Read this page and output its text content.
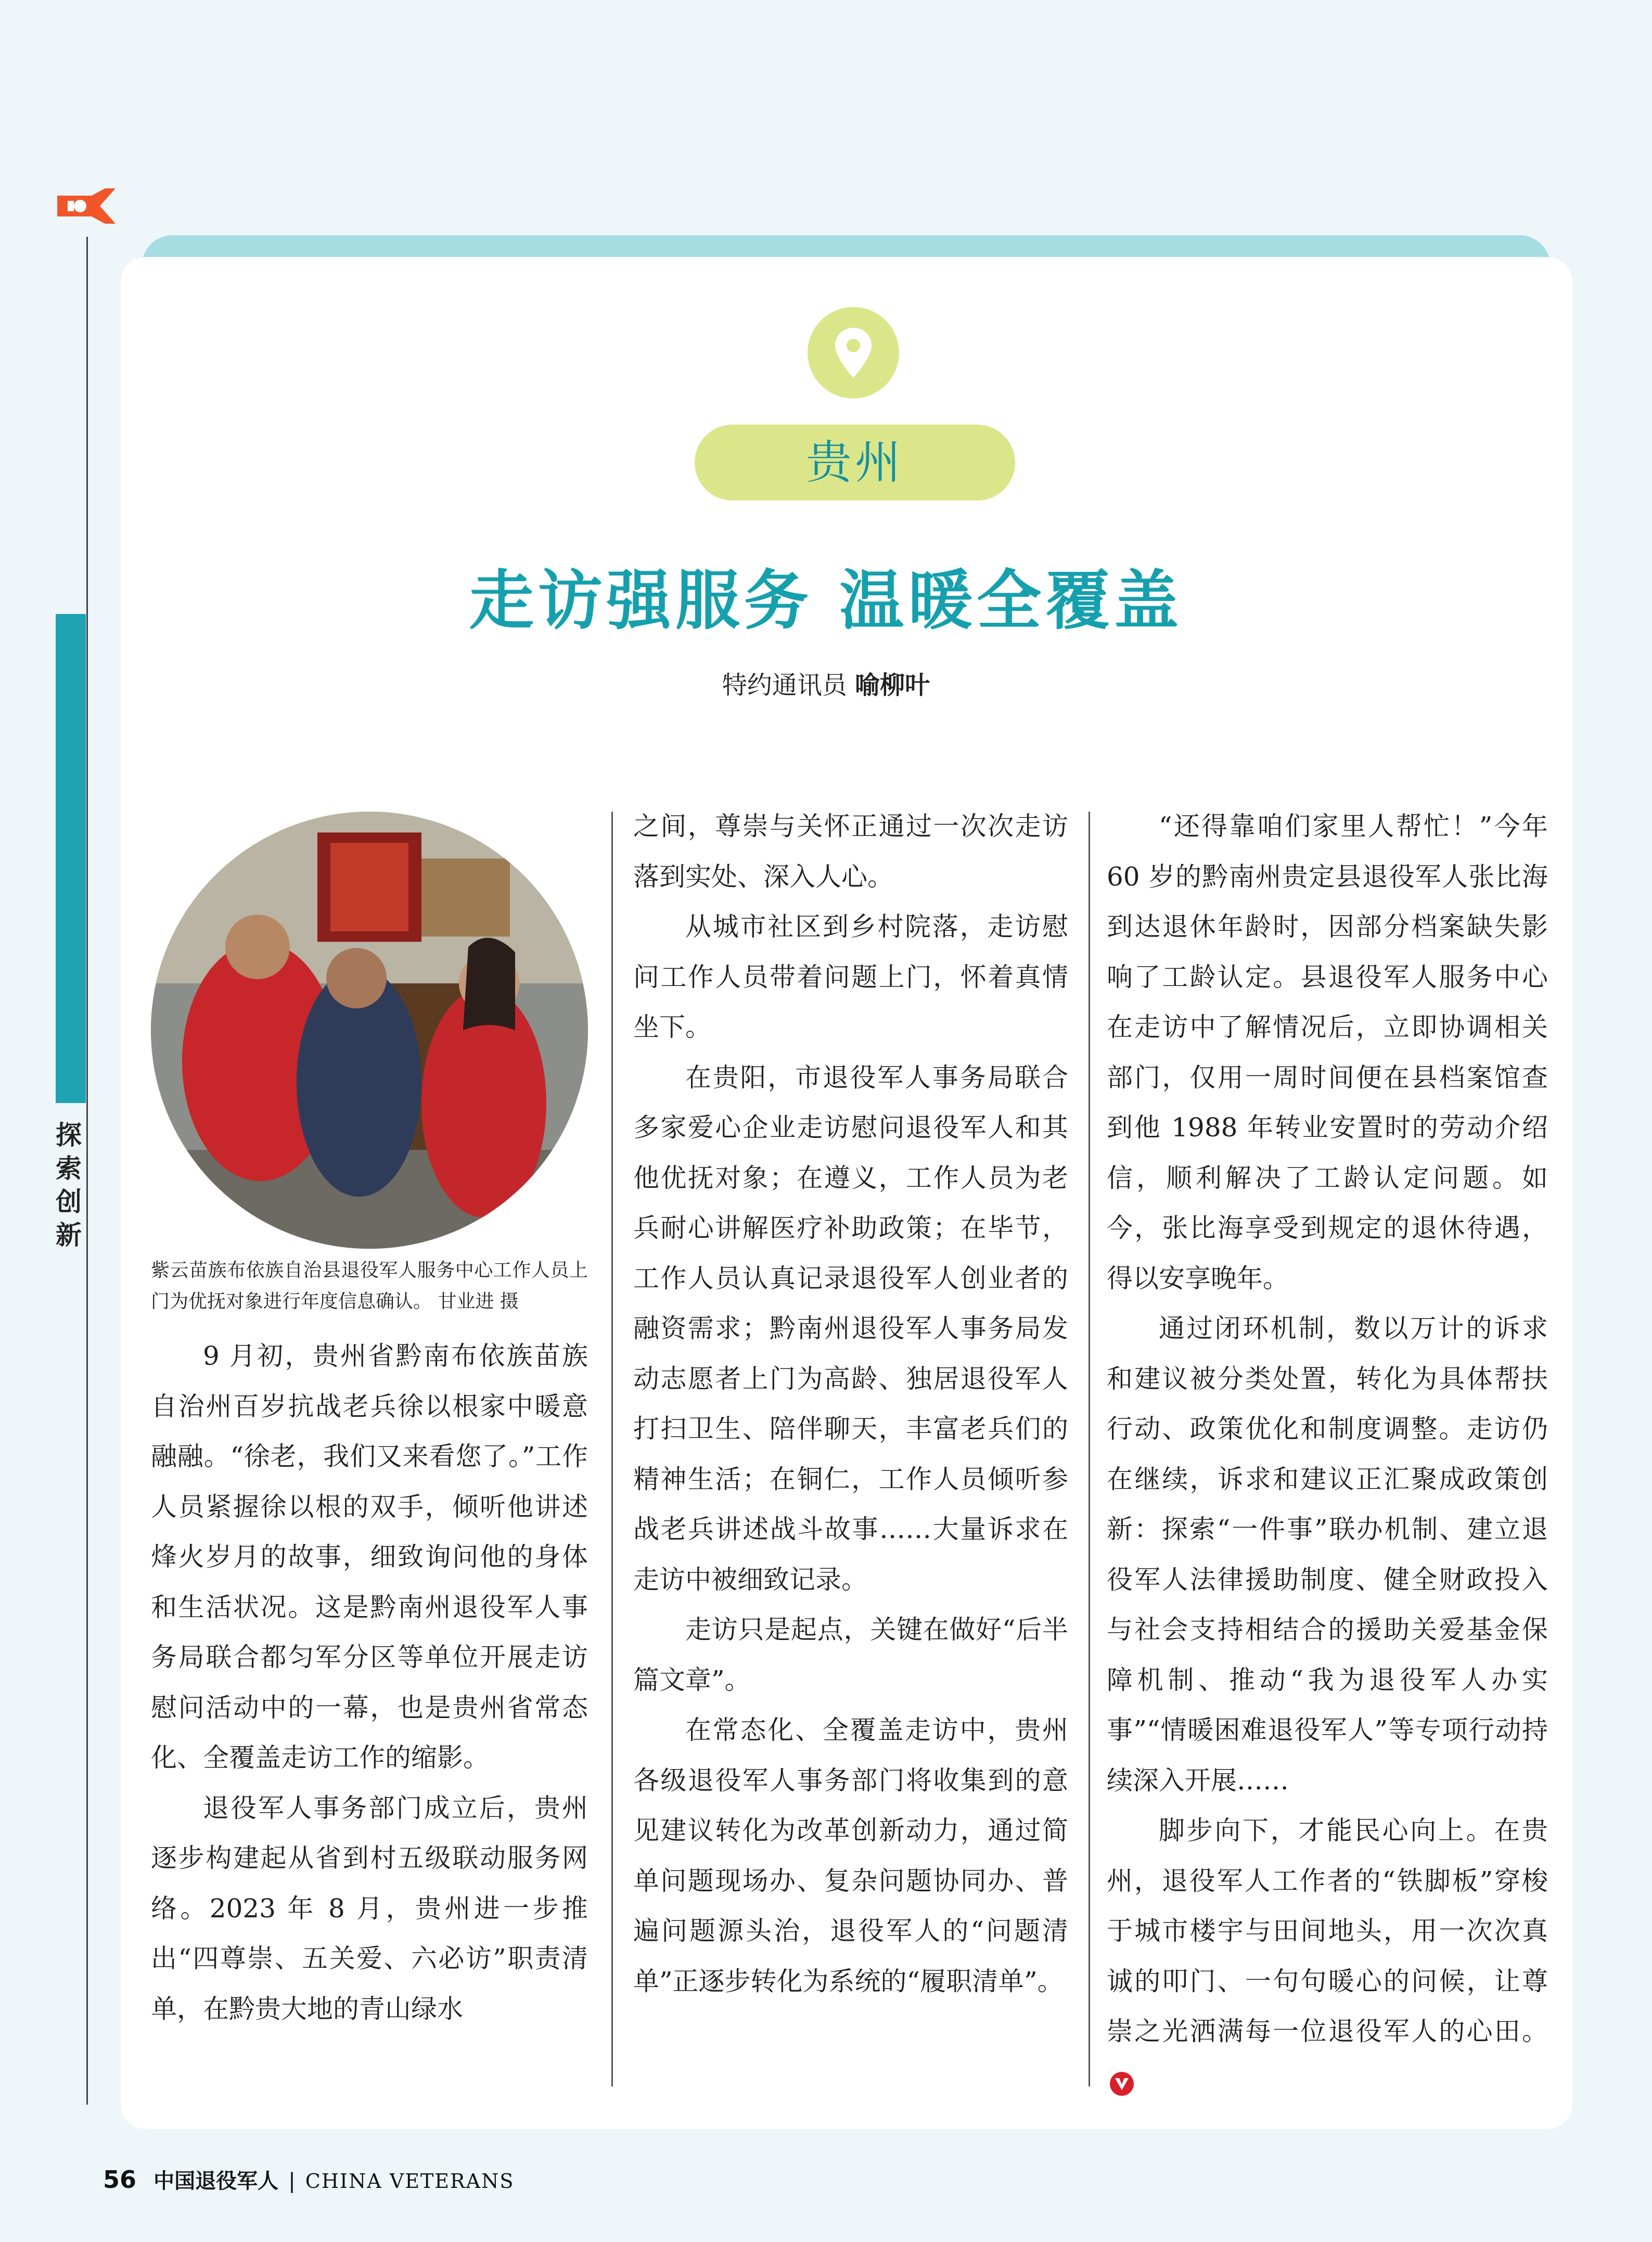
探
索
创
新
贵州
走访强服务 温暖全覆盖
特约通讯员 喻柳叶
紫云苗族布依族自治县退役军人服务中心工作人员上门为优抚对象进行年度信息确认。 甘业进 摄

9 月初，贵州省黔南布依族苗族自治州百岁抗战老兵徐以根家中暖意融融。“徐老，我们又来看您了。”工作人员紧握徐以根的双手，倾听他讲述烽火岁月的故事，细致询问他的身体和生活状况。这是黔南州退役军人事务局联合都匀军分区等单位开展走访慰问活动中的一幕，也是贵州省常态化、全覆盖走访工作的缩影。

退役军人事务部门成立后，贵州逐步构建起从省到村五级联动服务网络。2023 年 8 月，贵州进一步推出“四尊崇、五关爱、六必访”职责清单，在黔贵大地的青山绿水

之间，尊崇与关怀正通过一次次走访落到实处、深入人心。

从城市社区到乡村院落，走访慰问工作人员带着问题上门，怀着真情坐下。

在贵阳，市退役军人事务局联合多家爱心企业走访慰问退役军人和其他优抚对象；在遵义，工作人员为老兵耐心讲解医疗补助政策；在毕节，工作人员认真记录退役军人创业者的融资需求；黔南州退役军人事务局发动志愿者上门为高龄、独居退役军人打扫卫生、陪伴聊天，丰富老兵们的精神生活；在铜仁，工作人员倾听参战老兵讲述战斗故事……大量诉求在走访中被细致记录。

走访只是起点，关键在做好“后半篇文章”。

在常态化、全覆盖走访中，贵州各级退役军人事务部门将收集到的意见建议转化为改革创新动力，通过简单问题现场办、复杂问题协同办、普遍问题源头治，退役军人的“问题清单”正逐步转化为系统的“履职清单”。

“还得靠咱们家里人帮忙！”今年 60 岁的黔南州贵定县退役军人张比海到达退休年龄时，因部分档案缺失影响了工龄认定。县退役军人服务中心在走访中了解情况后，立即协调相关部门，仅用一周时间便在县档案馆查到他 1988 年转业安置时的劳动介绍信，顺利解决了工龄认定问题。如今，张比海享受到规定的退休待遇，得以安享晚年。

通过闭环机制，数以万计的诉求和建议被分类处置，转化为具体帮扶行动、政策优化和制度调整。走访仍在继续，诉求和建议正汇聚成政策创新：探索“一件事”联办机制、建立退役军人法律援助制度、健全财政投入与社会支持相结合的援助关爱基金保障机制、推动“我为退役军人办实事”“情暖困难退役军人”等专项行动持续深入开展……

脚步向下，才能民心向上。在贵州，退役军人工作者的“铁脚板”穿梭于城市楼宇与田间地头，用一次次真诚的叩门、一句句暖心的问候，让尊崇之光洒满每一位退役军人的心田。

56 中国退役军人 | CHINA VETERANS
